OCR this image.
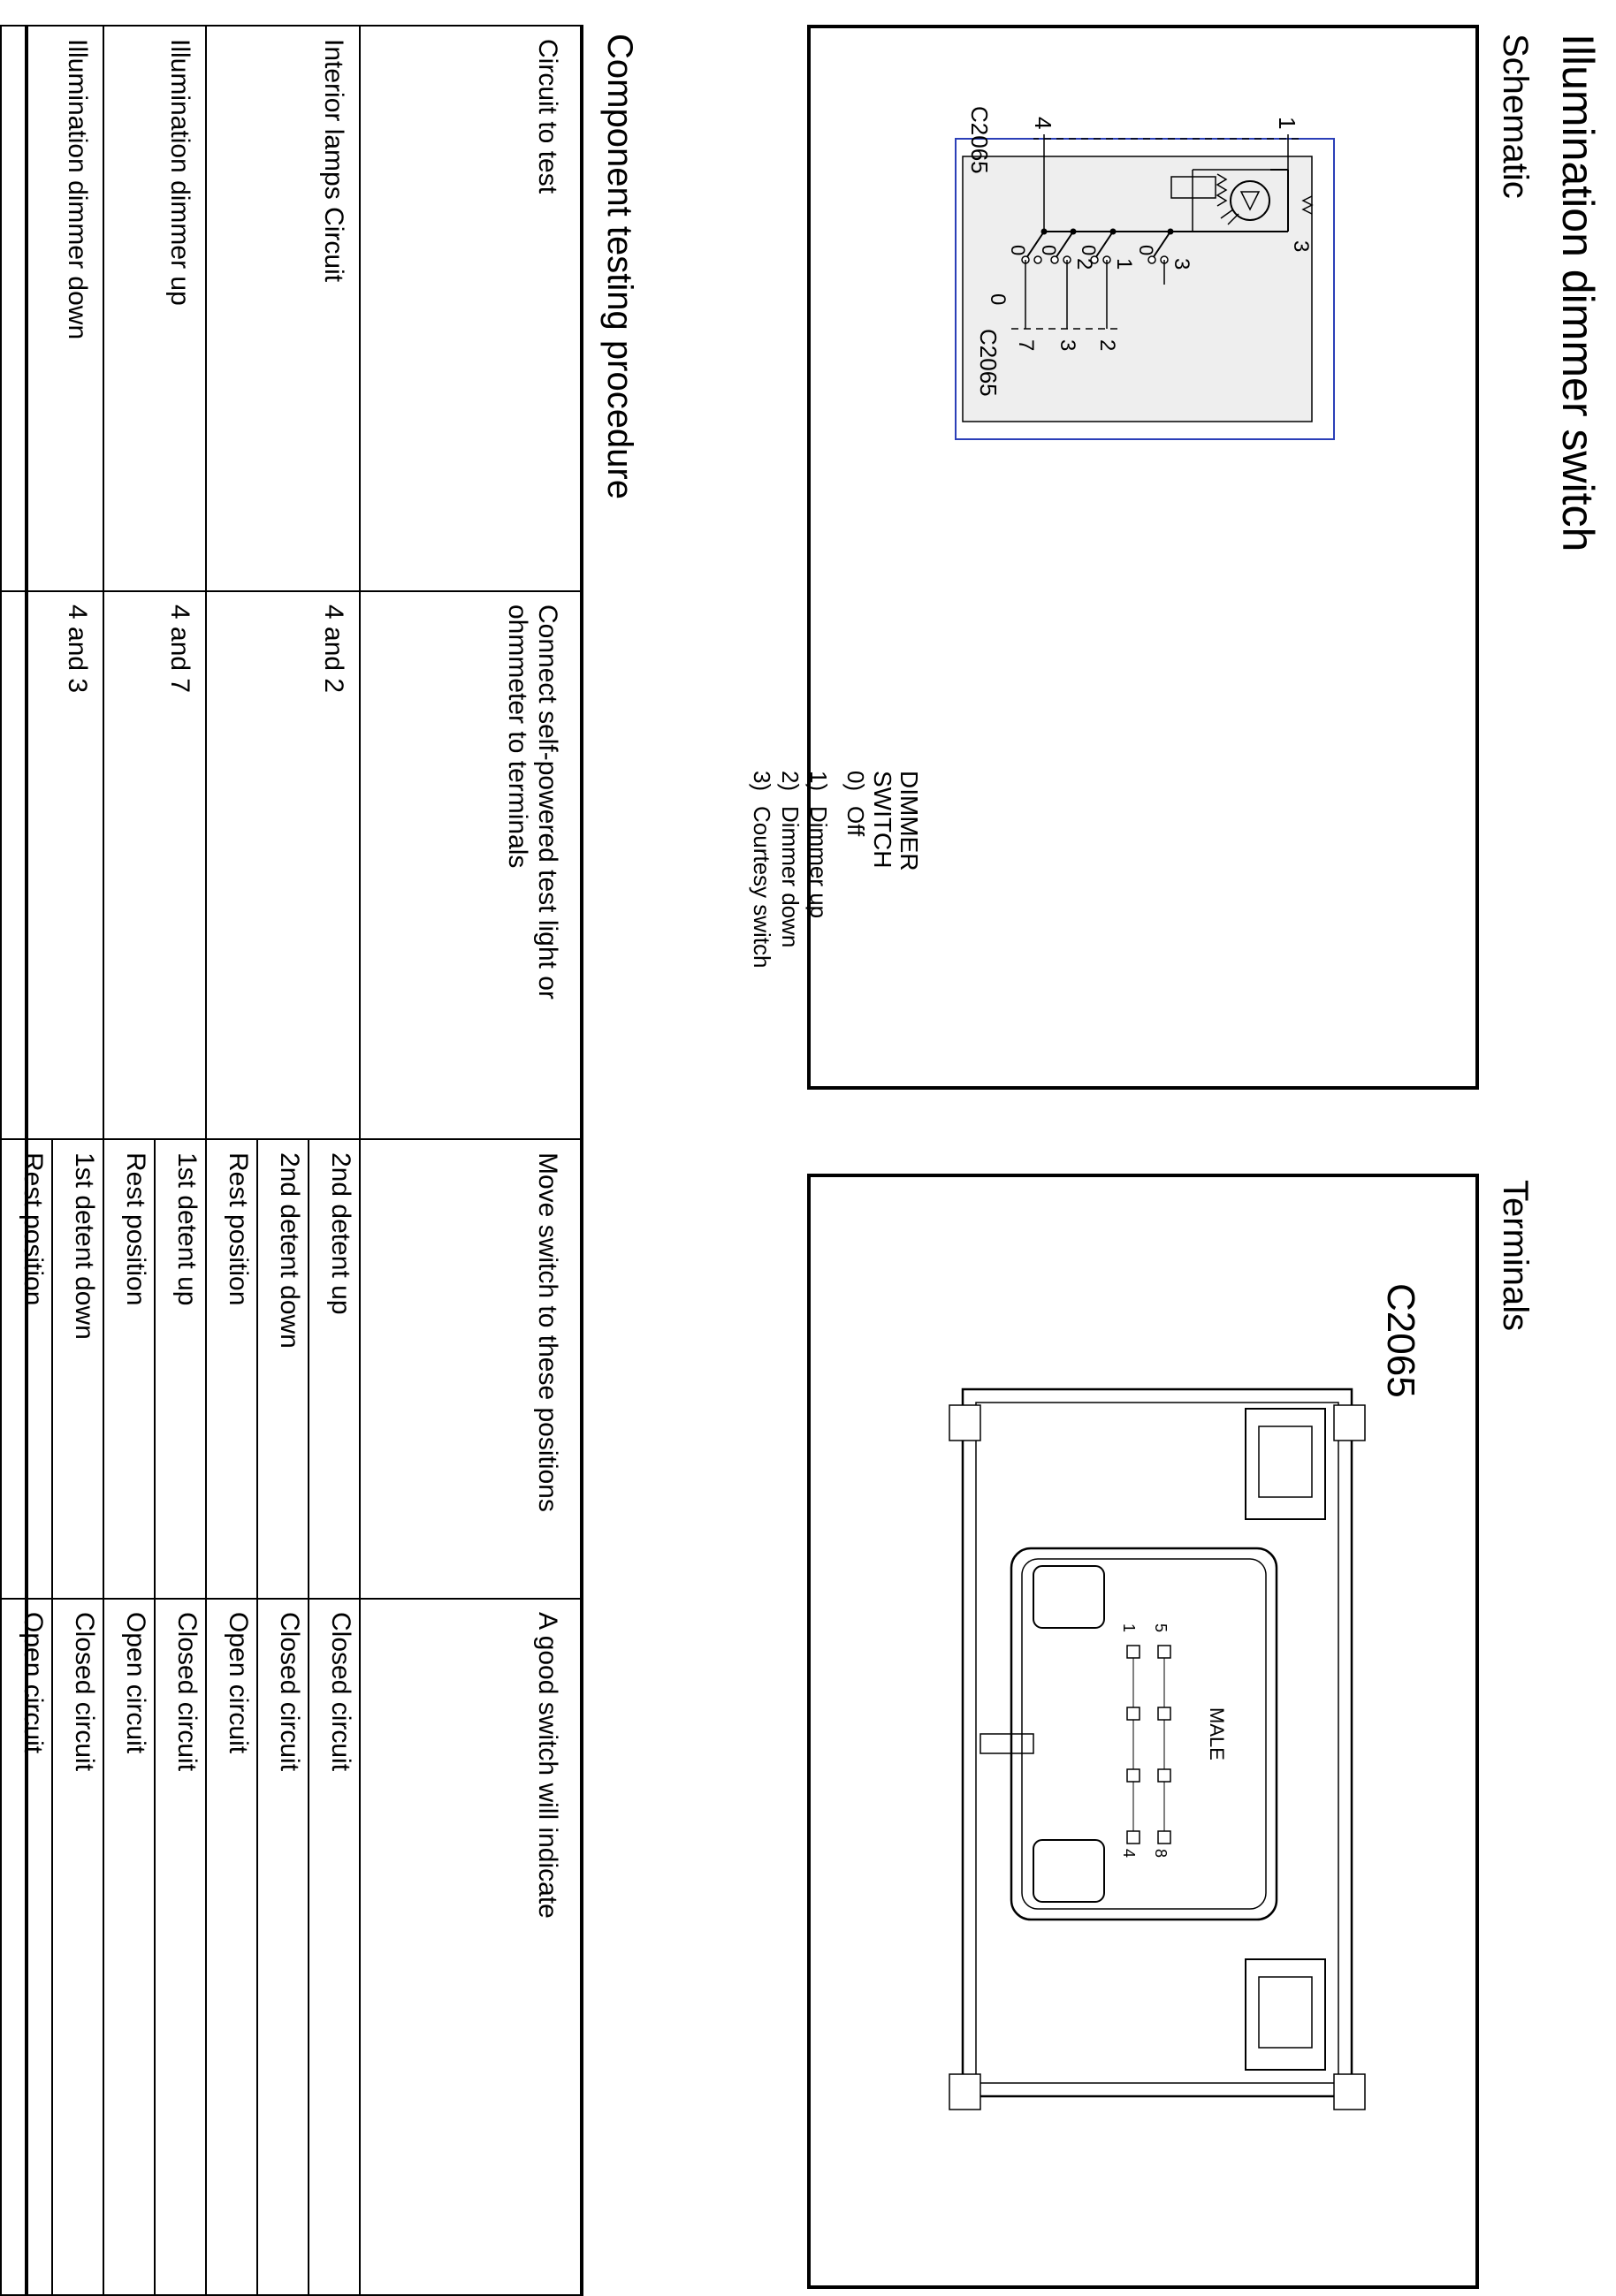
Illumination dimmer switch
Schematic
Terminals
1
4
C2065
3
1
2
3
0
0
0
0
0
2
3
7
C2065
DIMMER
SWITCH
0)
Off
1)Dimmer up
2)Dimmer down
3)Courtesy switch
C2065
1 5
4 8
MALE
Component testing procedure
Circuit to test	Connect self-powered test light or ohmmeter to terminals	Move switch to these positions	A good switch will indicate
Interior lamps Circuit	4 and 2	2nd detent up	Closed circuit
		2nd detent down	Closed circuit
		Rest position	Open circuit
Illumination dimmer up	4 and 7	1st detent up	Closed circuit
		Rest position	Open circuit
Illumination dimmer down	4 and 3	1st detent down	Closed circuit
		Rest position	Open circuit
